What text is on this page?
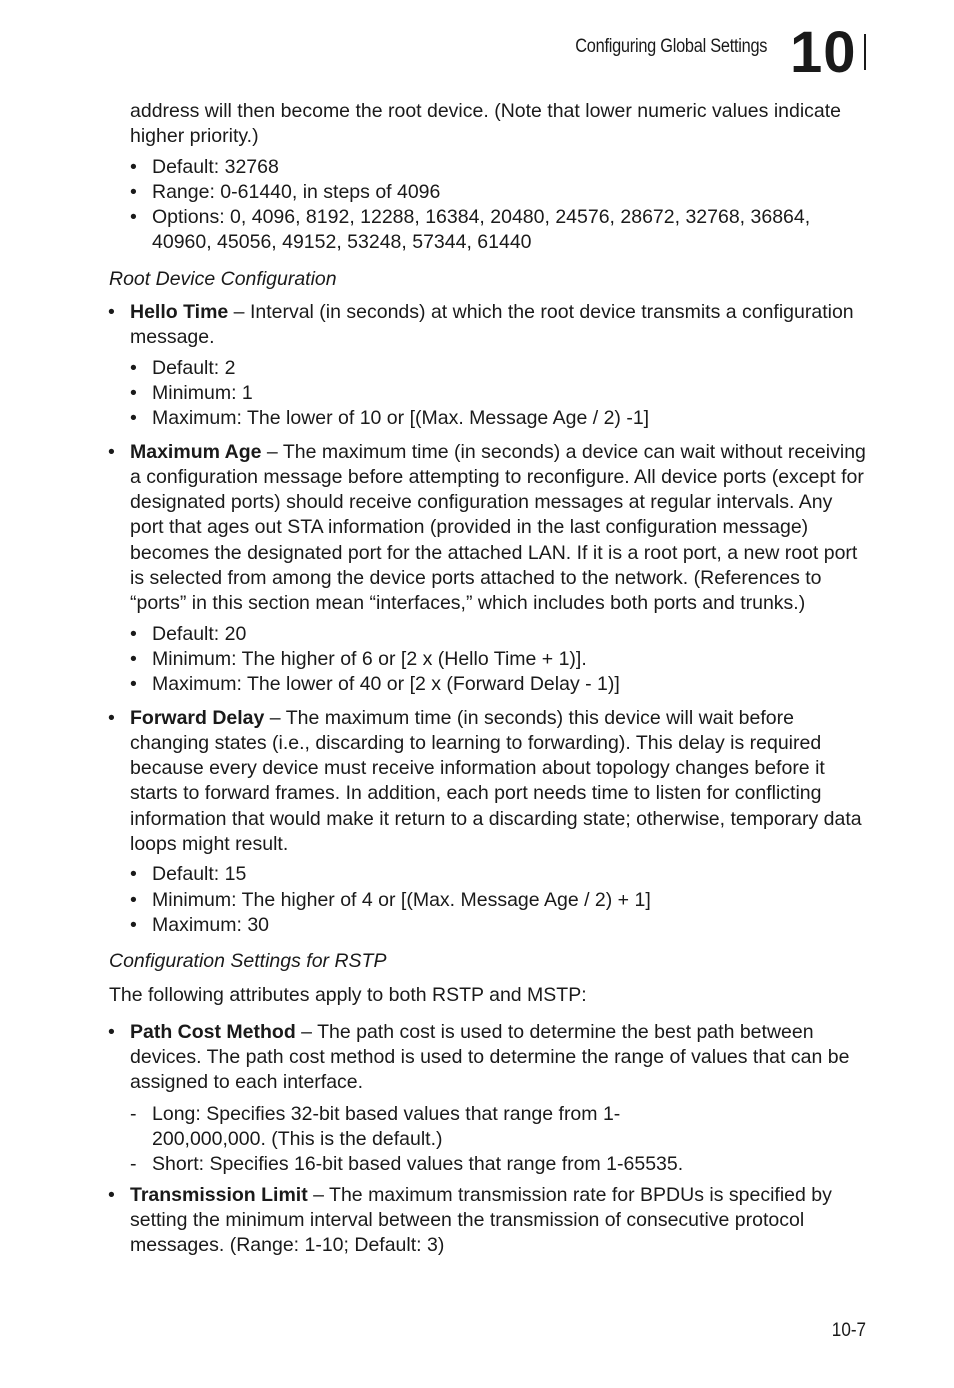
Configuring Global Settings 10

address will then become the root device. (Note that lower numeric values indicate higher priority.)

• Default: 32768
• Range: 0-61440, in steps of 4096
• Options: 0, 4096, 8192, 12288, 16384, 20480, 24576, 28672, 32768, 36864, 40960, 45056, 49152, 53248, 57344, 61440

Root Device Configuration

• Hello Time – Interval (in seconds) at which the root device transmits a configuration message.
• Default: 2
• Minimum: 1
• Maximum: The lower of 10 or [(Max. Message Age / 2) -1]
• Maximum Age – The maximum time (in seconds) a device can wait without receiving a configuration message before attempting to reconfigure. All device ports (except for designated ports) should receive configuration messages at regular intervals. Any port that ages out STA information (provided in the last configuration message) becomes the designated port for the attached LAN. If it is a root port, a new root port is selected from among the device ports attached to the network. (References to “ports” in this section mean “interfaces,” which includes both ports and trunks.)
• Default: 20
• Minimum: The higher of 6 or [2 x (Hello Time + 1)].
• Maximum: The lower of 40 or [2 x (Forward Delay - 1)]
• Forward Delay – The maximum time (in seconds) this device will wait before changing states (i.e., discarding to learning to forwarding). This delay is required because every device must receive information about topology changes before it starts to forward frames. In addition, each port needs time to listen for conflicting information that would make it return to a discarding state; otherwise, temporary data loops might result.
• Default: 15
• Minimum: The higher of 4 or [(Max. Message Age / 2) + 1]
• Maximum: 30

Configuration Settings for RSTP

The following attributes apply to both RSTP and MSTP:

• Path Cost Method – The path cost is used to determine the best path between devices. The path cost method is used to determine the range of values that can be assigned to each interface.
- Long: Specifies 32-bit based values that range from 1-200,000,000. (This is the default.)
- Short: Specifies 16-bit based values that range from 1-65535.
• Transmission Limit – The maximum transmission rate for BPDUs is specified by setting the minimum interval between the transmission of consecutive protocol messages. (Range: 1-10; Default: 3)
10-7
